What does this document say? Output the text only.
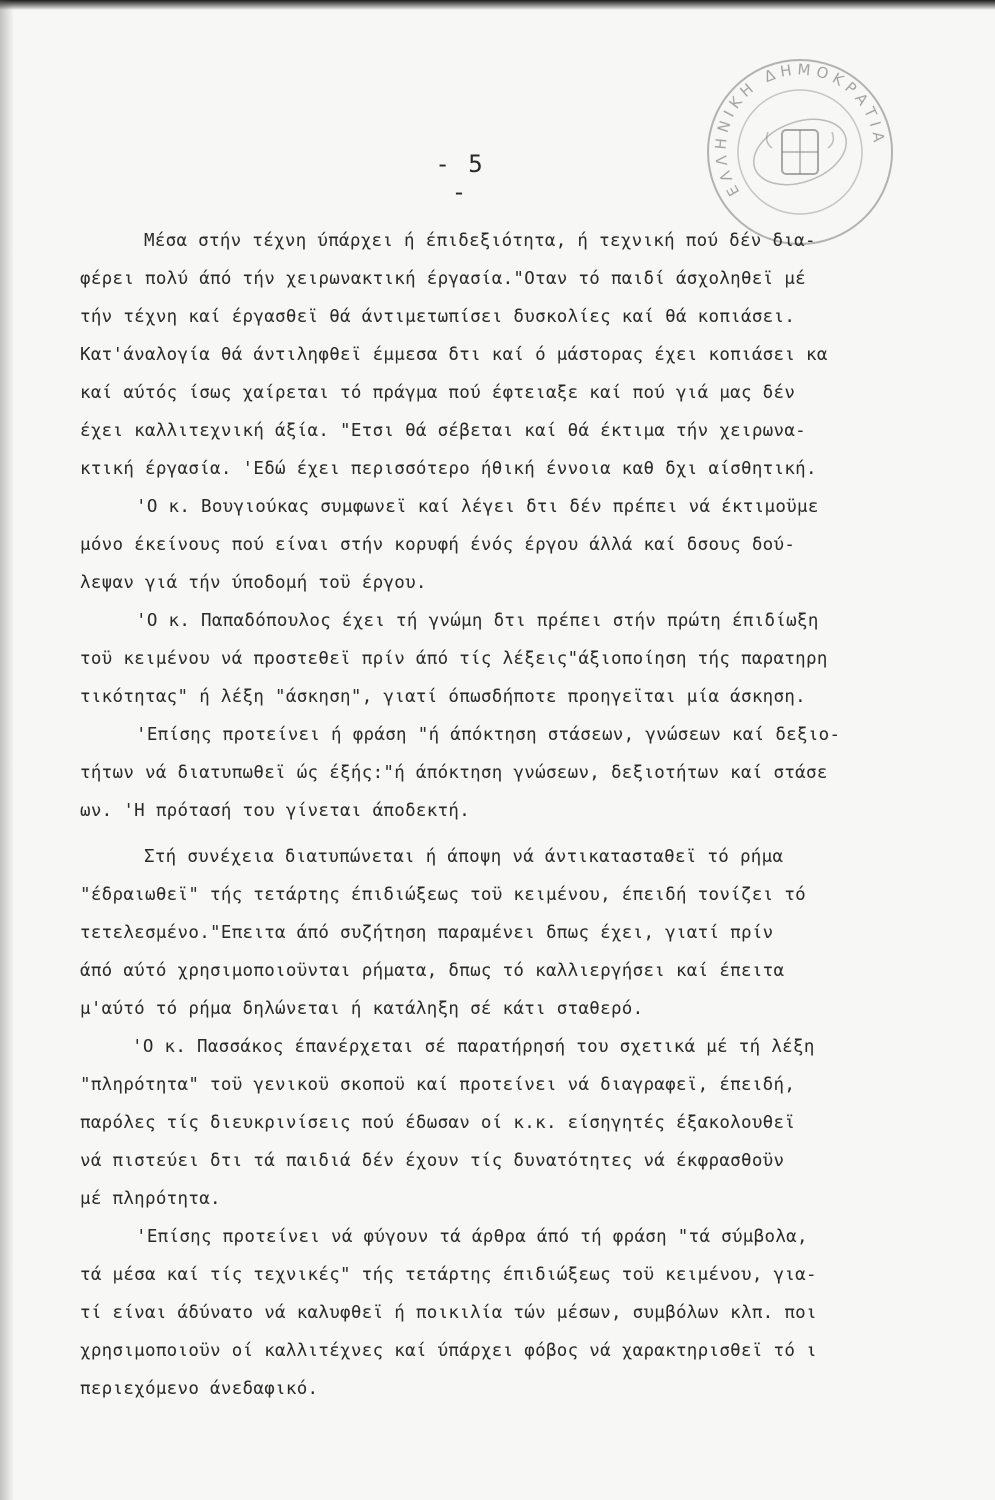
ΕΛΛΗΝΙΚΗ ΔΗΜΟΚΡΑΤΙΑ
- 5 -
Μέσα στήν τέχνη ύπάρχει ή έπιδεξιότητα, ή τεχνική πού δέν δια-
φέρει πολύ άπό τήν χειρωνακτική έργασία."Οταν τό παιδί άσχοληθεϊ μέ
τήν τέχνη καί έργασθεϊ θά άντιμετωπίσει δυσκολίες καί θά κοπιάσει.
Κατ'άναλογία θά άντιληφθεϊ έμμεσα δτι καί ό μάστορας έχει κοπιάσει κα
καί αύτός ίσως χαίρεται τό πράγμα πού έφτειαξε καί πού γιά μας δέν
έχει καλλιτεχνική άξία. "Ετσι θά σέβεται καί θά έκτιμα τήν χειρωνα-
κτική έργασία. 'Εδώ έχει περισσότερο ήθική έννοια καθ δχι αίσθητική.
'Ο κ. Βουγιούκας συμφωνεϊ καί λέγει δτι δέν πρέπει νά έκτιμοϋμε
μόνο έκείνους πού είναι στήν κορυφή ένός έργου άλλά καί δσους δού-
λεψαν γιά τήν ύποδομή τοϋ έργου.
'Ο κ. Παπαδόπουλος έχει τή γνώμη δτι πρέπει στήν πρώτη έπιδίωξη
τοϋ κειμένου νά προστεθεϊ πρίν άπό τίς λέξεις"άξιοποίηση τής παρατηρη
τικότητας" ή λέξη "άσκηση", γιατί όπωσδήποτε προηγεϊται μία άσκηση.
'Επίσης προτείνει ή φράση "ή άπόκτηση στάσεων, γνώσεων καί δεξιο-
τήτων νά διατυπωθεϊ ώς έξής:"ή άπόκτηση γνώσεων, δεξιοτήτων καί στάσε
ων. 'Η πρότασή του γίνεται άποδεκτή.
Στή συνέχεια διατυπώνεται ή άποψη νά άντικατασταθεϊ τό ρήμα
"έδραιωθεϊ" τής τετάρτης έπιδιώξεως τοϋ κειμένου, έπειδή τονίζει τό
τετελεσμένο."Επειτα άπό συζήτηση παραμένει δπως έχει, γιατί πρίν
άπό αύτό χρησιμοποιοϋνται ρήματα, δπως τό καλλιεργήσει καί έπειτα
μ'αύτό τό ρήμα δηλώνεται ή κατάληξη σέ κάτι σταθερό.
'Ο κ. Πασσάκος έπανέρχεται σέ παρατήρησή του σχετικά μέ τή λέξη
"πληρότητα" τοϋ γενικοϋ σκοποϋ καί προτείνει νά διαγραφεϊ, έπειδή,
παρόλες τίς διευκρινίσεις πού έδωσαν οί κ.κ. είσηγητές έξακολουθεϊ
νά πιστεύει δτι τά παιδιά δέν έχουν τίς δυνατότητες νά έκφρασθοϋν
μέ πληρότητα.
'Επίσης προτείνει νά φύγουν τά άρθρα άπό τή φράση "τά σύμβολα,
τά μέσα καί τίς τεχνικές" τής τετάρτης έπιδιώξεως τοϋ κειμένου, για-
τί είναι άδύνατο νά καλυφθεϊ ή ποικιλία τών μέσων, συμβόλων κλπ. ποι
χρησιμοποιοϋν οί καλλιτέχνες καί ύπάρχει φόβος νά χαρακτηρισθεϊ τό ι
περιεχόμενο άνεδαφικό.
